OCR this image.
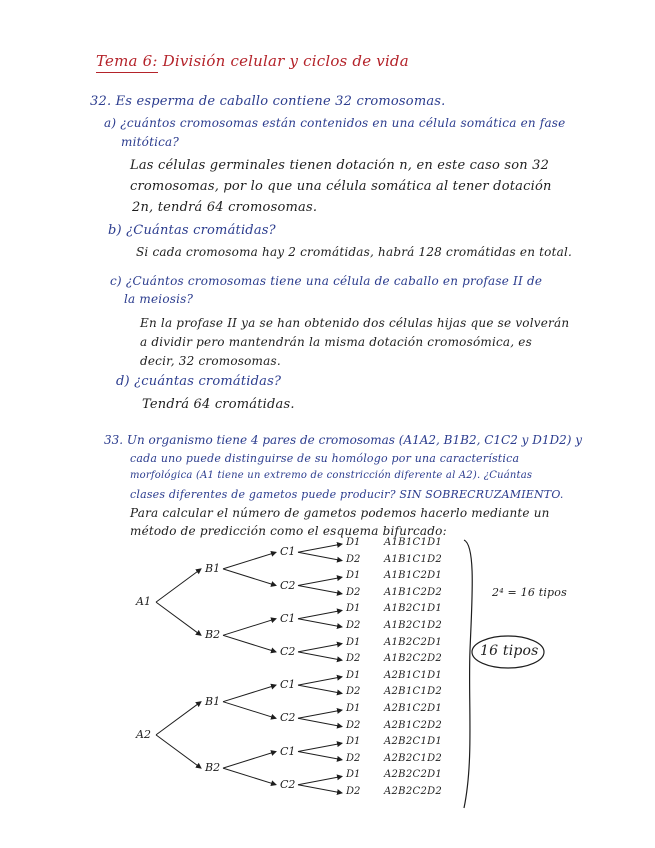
Tema 6: División celular y ciclos de vida
32. Es esperma de caballo contiene 32 cromosomas.
a) ¿cuántos cromosomas están contenidos en una célula somática en fase
mitótica?
Las células germinales tienen dotación n, en este caso son 32
cromosomas, por lo que una célula somática al tener dotación
2n, tendrá 64 cromosomas.
b) ¿Cuántas cromátidas?
Si cada cromosoma hay 2 cromátidas, habrá 128 cromátidas en total.
c) ¿Cuántos cromosomas tiene una célula de caballo en profase II de
la meiosis?
En la profase II ya se han obtenido dos células hijas que se volverán
a dividir pero mantendrán la misma dotación cromosómica, es
decir, 32 cromosomas.
d) ¿cuántas cromátidas?
Tendrá 64 cromátidas.
33. Un organismo tiene 4 pares de cromosomas (A1A2, B1B2, C1C2 y D1D2) y
cada uno puede distinguirse de su homólogo por una característica
morfológica (A1 tiene un extremo de constricción diferente al A2). ¿Cuántas
clases diferentes de gametos puede producir? SIN SOBRECRUZAMIENTO.
Para calcular el número de gametos podemos hacerlo mediante un
método de predicción como el esquema bifurcado:
D1 A1B1C1D1
D2 A1B1C1D2
D1 A1B1C2D1
D2 A1B1C2D2
D1 A1B2C1D1
D2 A1B2C1D2
D1 A1B2C2D1
D2 A1B2C2D2
D1 A2B1C1D1
D2 A2B1C1D2
D1 A2B1C2D1
D2 A2B1C2D2
D1 A2B2C1D1
D2 A2B2C1D2
D1 A2B2C2D1
D2 A2B2C2D2
C1
C2
C1
C2
C1
C2
C1
C2
B1
B2
B1
B2
A1
A2
2⁴ = 16 tipos
16 tipos
